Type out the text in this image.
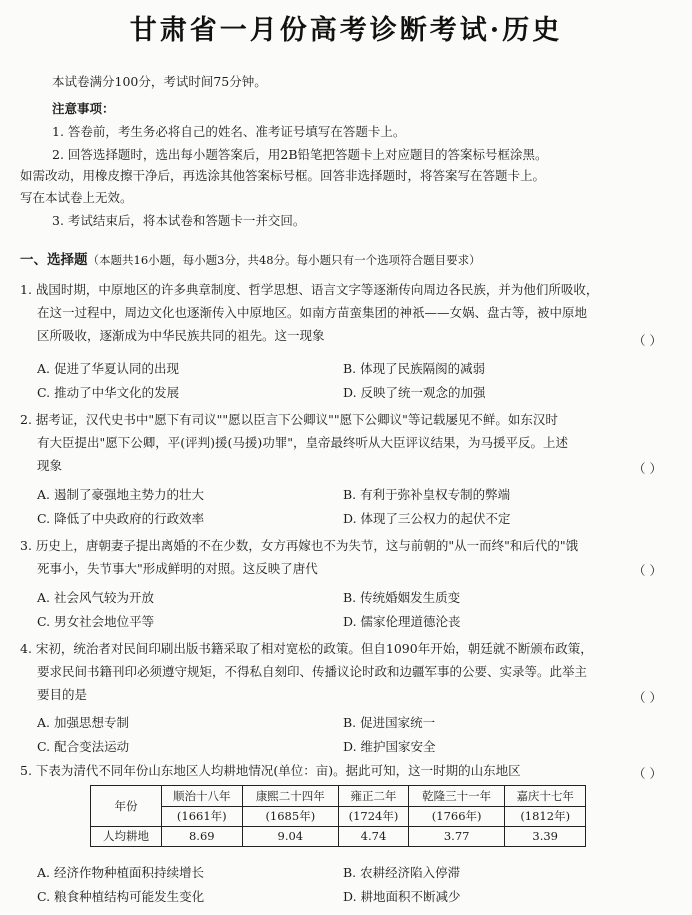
甘肃省一月份高考诊断考试·历史
本试卷满分100分，考试时间75分钟。
注意事项：
1. 答卷前，考生务必将自己的姓名、准考证号填写在答题卡上。
2. 回答选择题时，选出每小题答案后，用2B铅笔把答题卡上对应题目的答案标号框涂黑。
如需改动，用橡皮擦干净后，再选涂其他答案标号框。回答非选择题时，将答案写在答题卡上。
写在本试卷上无效。
3. 考试结束后，将本试卷和答题卡一并交回。
一、选择题（本题共16小题，每小题3分，共48分。每小题只有一个选项符合题目要求）
1. 战国时期，中原地区的许多典章制度、哲学思想、语言文字等逐渐传向周边各民族，并为他们所吸收，
在这一过程中，周边文化也逐渐传入中原地区。如南方苗蛮集团的神祇——女娲、盘古等，被中原地
区所吸收，逐渐成为中华民族共同的祖先。这一现象	（ ）
A. 促进了华夏认同的出现	B. 体现了民族隔阂的减弱
C. 推动了中华文化的发展	D. 反映了统一观念的加强
2. 据考证，汉代史书中"愿下有司议""愿以臣言下公卿议""愿下公卿议"等记载屡见不鲜。如东汉时
有大臣提出"愿下公卿，平(评判)援(马援)功罪"，皇帝最终听从大臣评议结果，为马援平反。上述
现象	（ ）
A. 遏制了豪强地主势力的壮大	B. 有利于弥补皇权专制的弊端
C. 降低了中央政府的行政效率	D. 体现了三公权力的起伏不定
3. 历史上，唐朝妻子提出离婚的不在少数，女方再嫁也不为失节，这与前朝的"从一而终"和后代的"饿
死事小，失节事大"形成鲜明的对照。这反映了唐代	（ ）
A. 社会风气较为开放	B. 传统婚姻发生质变
C. 男女社会地位平等	D. 儒家伦理道德沦丧
4. 宋初，统治者对民间印刷出版书籍采取了相对宽松的政策。但自1090年开始，朝廷就不断颁布政策，
要求民间书籍刊印必须遵守规矩，不得私自刻印、传播议论时政和边疆军事的公要、实录等。此举主
要目的是	（ ）
A. 加强思想专制	B. 促进国家统一
C. 配合变法运动	D. 维护国家安全
5. 下表为清代不同年份山东地区人均耕地情况(单位：亩)。据此可知，这一时期的山东地区	（ ）
年份	顺治十八年	康熙二十四年	雍正二年	乾隆三十一年	嘉庆十七年
	(1661年)	(1685年)	(1724年)	(1766年)	(1812年)
人均耕地	8.69	9.04	4.74	3.77	3.39
A. 经济作物种植面积持续增长	B. 农耕经济陷入停滞
C. 粮食种植结构可能发生变化	D. 耕地面积不断减少
